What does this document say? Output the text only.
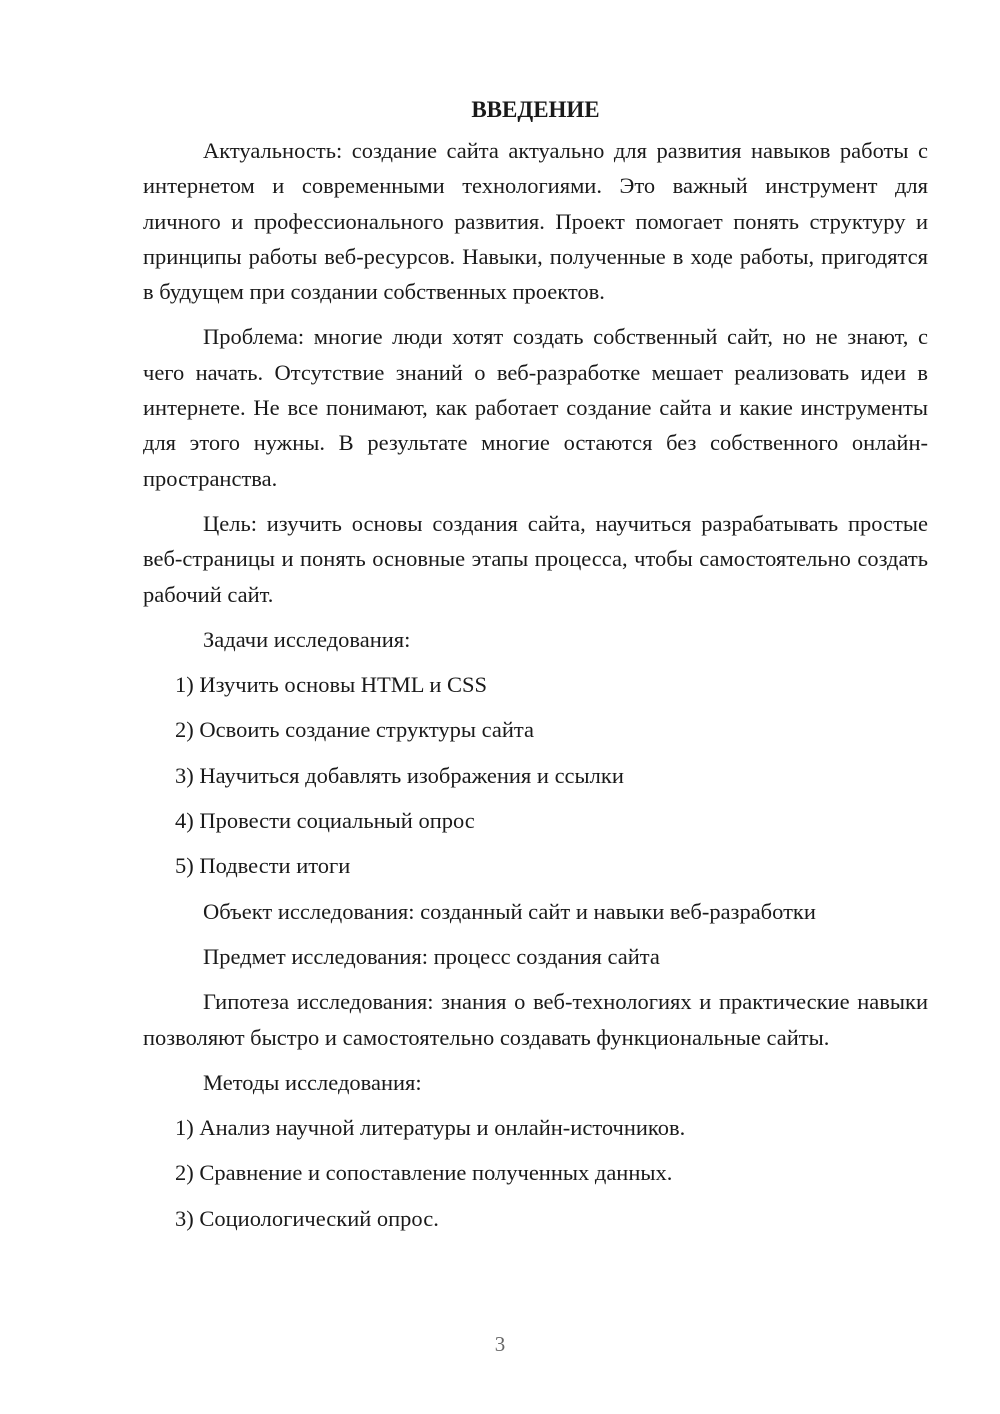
ВВЕДЕНИЕ

Актуальность: создание сайта актуально для развития навыков работы с интернетом и современными технологиями. Это важный инструмент для личного и профессионального развития. Проект помогает понять структуру и принципы работы веб-ресурсов. Навыки, полученные в ходе работы, пригодятся в будущем при создании собственных проектов.

Проблема: многие люди хотят создать собственный сайт, но не знают, с чего начать. Отсутствие знаний о веб-разработке мешает реализовать идеи в интернете. Не все понимают, как работает создание сайта и какие инструменты для этого нужны. В результате многие остаются без собственного онлайн-пространства.

Цель: изучить основы создания сайта, научиться разрабатывать простые веб-страницы и понять основные этапы процесса, чтобы самостоятельно создать рабочий сайт.

Задачи исследования:

1) Изучить основы HTML и CSS

2) Освоить создание структуры сайта

3) Научиться добавлять изображения и ссылки

4) Провести социальный опрос

5) Подвести итоги

Объект исследования: созданный сайт и навыки веб-разработки

Предмет исследования: процесс создания сайта

Гипотеза исследования: знания о веб-технологиях и практические навыки позволяют быстро и самостоятельно создавать функциональные сайты.

Методы исследования:

1) Анализ научной литературы и онлайн-источников.

2) Сравнение и сопоставление полученных данных.

3) Социологический опрос.

3
